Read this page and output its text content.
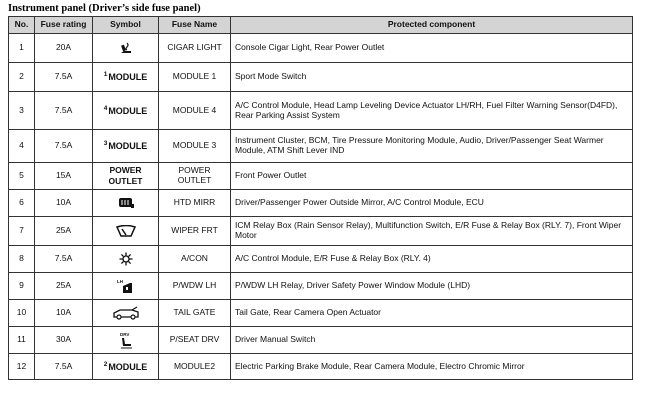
Instrument panel (Driver’s side fuse panel)
No.	Fuse rating	Symbol	Fuse Name	Protected component
1	20A		CIGAR LIGHT	Console Cigar Light, Rear Power Outlet
2	7.5A	$^1$MODULE	MODULE 1	Sport Mode Switch
3	7.5A	$^4$MODULE	MODULE 4	A/C Control Module, Head Lamp Leveling Device Actuator LH/RH, Fuel Filter Warning Sensor(D4FD), Rear Parking Assist System
4	7.5A	$^3$MODULE	MODULE 3	Instrument Cluster, BCM, Tire Pressure Monitoring Module, Audio, Driver/Passenger Seat Warmer Module, ATM Shift Lever IND
5	15A	POWER OUTLET	POWER OUTLET	Front Power Outlet
6	10A		HTD MIRR	Driver/Passenger Power Outside Mirror, A/C Control Module, ECU
7	25A		WIPER FRT	ICM Relay Box (Rain Sensor Relay), Multifunction Switch, E/R Fuse & Relay Box (RLY. 7), Front Wiper Motor
8	7.5A		A/CON	A/C Control Module, E/R Fuse & Relay Box (RLY. 4)
9	25A	LH	P/WDW LH	P/WDW LH Relay, Driver Safety Power Window Module (LHD)
10	10A		TAIL GATE	Tail Gate, Rear Camera Open Actuator
11	30A	DRV	P/SEAT DRV	Driver Manual Switch
12	7.5A	$^2$MODULE	MODULE2	Electric Parking Brake Module, Rear Camera Module, Electro Chromic Mirror
